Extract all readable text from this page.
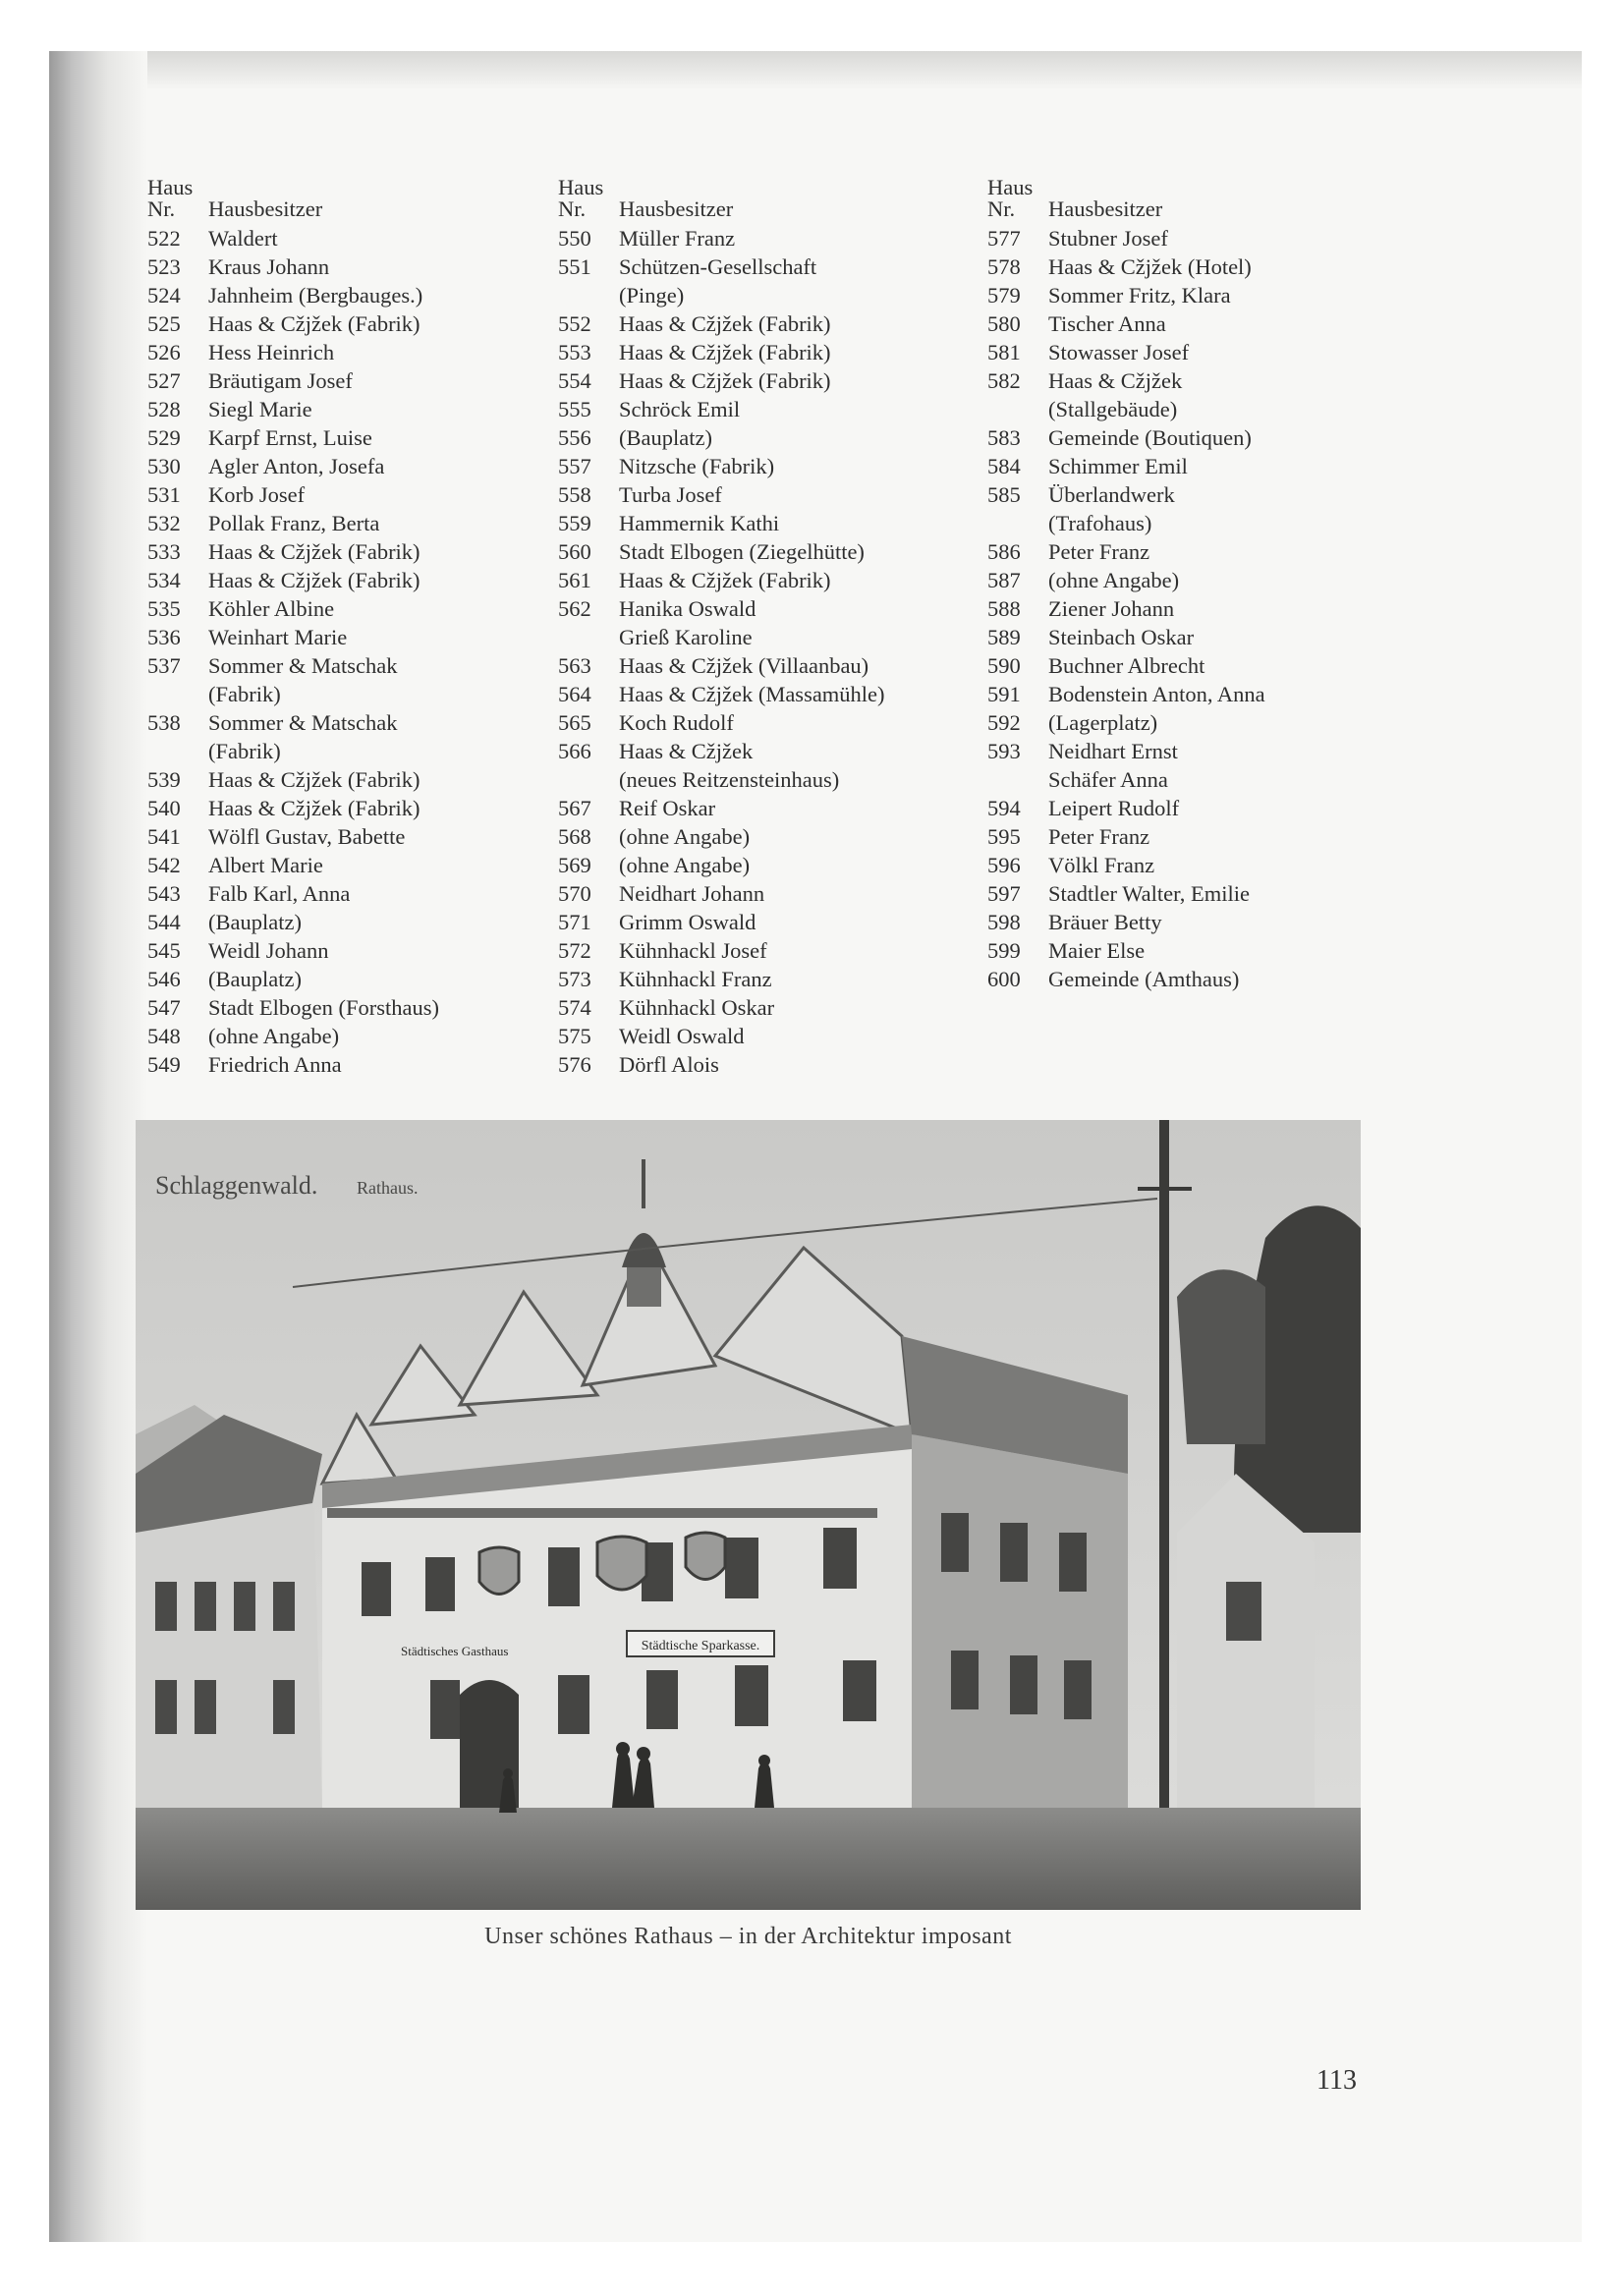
Haus
Nr.	Hausbesitzer
522	Waldert
523	Kraus Johann
524	Jahnheim (Bergbauges.)
525	Haas & Cžjžek (Fabrik)
526	Hess Heinrich
527	Bräutigam Josef
528	Siegl Marie
529	Karpf Ernst, Luise
530	Agler Anton, Josefa
531	Korb Josef
532	Pollak Franz, Berta
533	Haas & Cžjžek (Fabrik)
534	Haas & Cžjžek (Fabrik)
535	Köhler Albine
536	Weinhart Marie
537	Sommer & Matschak
(Fabrik)
538	Sommer & Matschak
(Fabrik)
539	Haas & Cžjžek (Fabrik)
540	Haas & Cžjžek (Fabrik)
541	Wölfl Gustav, Babette
542	Albert Marie
543	Falb Karl, Anna
544	(Bauplatz)
545	Weidl Johann
546	(Bauplatz)
547	Stadt Elbogen (Forsthaus)
548	(ohne Angabe)
549	Friedrich Anna
Haus
Nr.	Hausbesitzer
550	Müller Franz
551	Schützen-Gesellschaft
(Pinge)
552	Haas & Cžjžek (Fabrik)
553	Haas & Cžjžek (Fabrik)
554	Haas & Cžjžek (Fabrik)
555	Schröck Emil
556	(Bauplatz)
557	Nitzsche (Fabrik)
558	Turba Josef
559	Hammernik Kathi
560	Stadt Elbogen (Ziegelhütte)
561	Haas & Cžjžek (Fabrik)
562	Hanika Oswald
Grieß Karoline
563	Haas & Cžjžek (Villaanbau)
564	Haas & Cžjžek (Massamühle)
565	Koch Rudolf
566	Haas & Cžjžek
(neues Reitzensteinhaus)
567	Reif Oskar
568	(ohne Angabe)
569	(ohne Angabe)
570	Neidhart Johann
571	Grimm Oswald
572	Kühnhackl Josef
573	Kühnhackl Franz
574	Kühnhackl Oskar
575	Weidl Oswald
576	Dörfl Alois
Haus
Nr.	Hausbesitzer
577	Stubner Josef
578	Haas & Cžjžek (Hotel)
579	Sommer Fritz, Klara
580	Tischer Anna
581	Stowasser Josef
582	Haas & Cžjžek
(Stallgebäude)
583	Gemeinde (Boutiquen)
584	Schimmer Emil
585	Überlandwerk
(Trafohaus)
586	Peter Franz
587	(ohne Angabe)
588	Ziener Johann
589	Steinbach Oskar
590	Buchner Albrecht
591	Bodenstein Anton, Anna
592	(Lagerplatz)
593	Neidhart Ernst
Schäfer Anna
594	Leipert Rudolf
595	Peter Franz
596	Völkl Franz
597	Stadtler Walter, Emilie
598	Bräuer Betty
599	Maier Else
600	Gemeinde (Amthaus)
Städtische Sparkasse.
Städtisches Gasthaus
Schlaggenwald. Rathaus.
Unser schönes Rathaus – in der Architektur imposant
113
